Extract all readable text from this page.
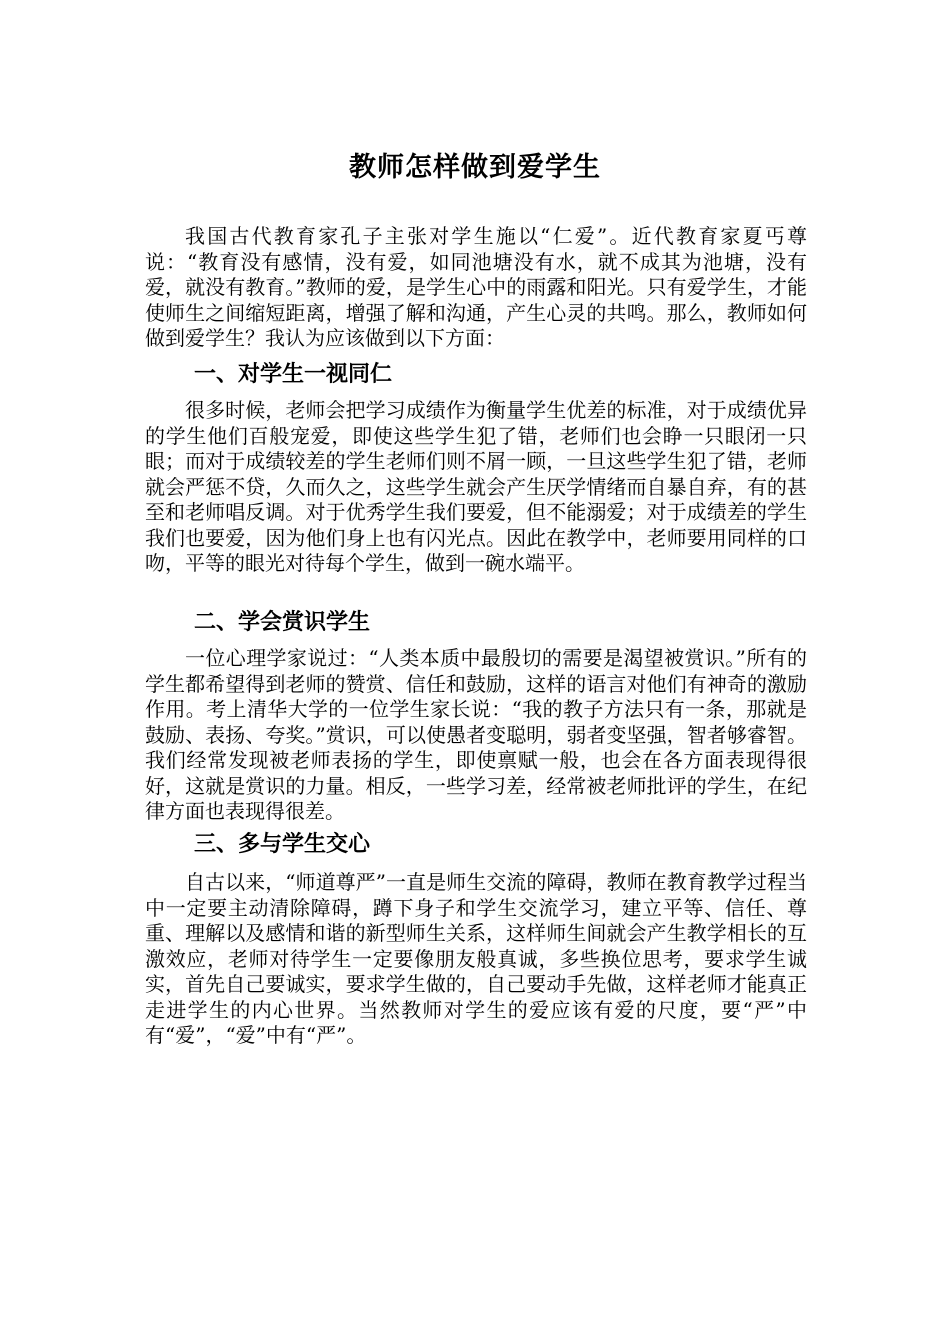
教师怎样做到爱学生

我国古代教育家孔子主张对学生施以“仁爱”。近代教育家夏丐尊说：“教育没有感情，没有爱，如同池塘没有水，就不成其为池塘，没有爱，就没有教育。”教师的爱，是学生心中的雨露和阳光。只有爱学生，才能使师生之间缩短距离，增强了解和沟通，产生心灵的共鸣。那么，教师如何做到爱学生？我认为应该做到以下方面：

一、对学生一视同仁

很多时候，老师会把学习成绩作为衡量学生优差的标准，对于成绩优异的学生他们百般宠爱，即使这些学生犯了错，老师们也会睁一只眼闭一只眼；而对于成绩较差的学生老师们则不屑一顾，一旦这些学生犯了错，老师就会严惩不贷，久而久之，这些学生就会产生厌学情绪而自暴自弃，有的甚至和老师唱反调。对于优秀学生我们要爱，但不能溺爱；对于成绩差的学生我们也要爱，因为他们身上也有闪光点。因此在教学中，老师要用同样的口吻，平等的眼光对待每个学生，做到一碗水端平。

二、学会赏识学生

一位心理学家说过：“人类本质中最殷切的需要是渴望被赏识。”所有的学生都希望得到老师的赞赏、信任和鼓励，这样的语言对他们有神奇的激励作用。考上清华大学的一位学生家长说：“我的教子方法只有一条，那就是鼓励、表扬、夸奖。”赏识，可以使愚者变聪明，弱者变坚强，智者够睿智。我们经常发现被老师表扬的学生，即使禀赋一般，也会在各方面表现得很好，这就是赏识的力量。相反，一些学习差，经常被老师批评的学生，在纪律方面也表现得很差。

三、多与学生交心

自古以来，“师道尊严”一直是师生交流的障碍，教师在教育教学过程当中一定要主动清除障碍，蹲下身子和学生交流学习，建立平等、信任、尊重、理解以及感情和谐的新型师生关系，这样师生间就会产生教学相长的互激效应，老师对待学生一定要像朋友般真诚，多些换位思考，要求学生诚实，首先自己要诚实，要求学生做的，自己要动手先做，这样老师才能真正走进学生的内心世界。当然教师对学生的爱应该有爱的尺度，要“严”中有“爱”，“爱”中有“严”。
